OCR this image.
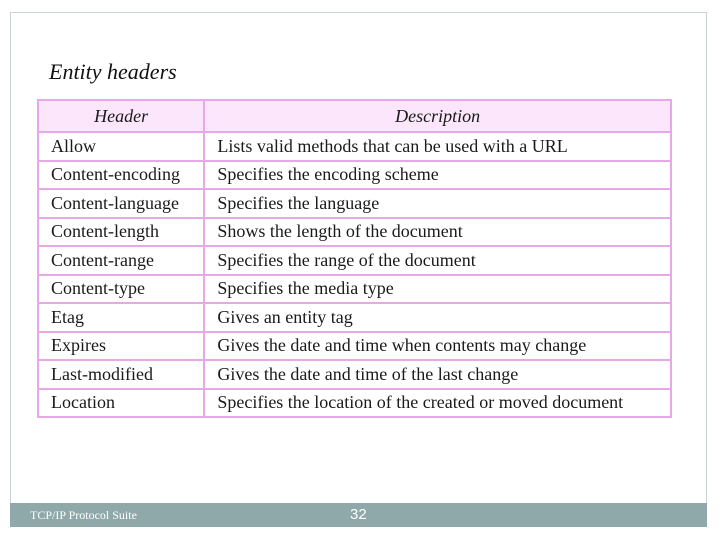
Entity headers
Header	Description
Allow	Lists valid methods that can be used with a URL
Content-encoding	Specifies the encoding scheme
Content-language	Specifies the language
Content-length	Shows the length of the document
Content-range	Specifies the range of the document
Content-type	Specifies the media type
Etag	Gives an entity tag
Expires	Gives the date and time when contents may change
Last-modified	Gives the date and time of the last change
Location	Specifies the location of the created or moved document
TCP/IP Protocol Suite	32
